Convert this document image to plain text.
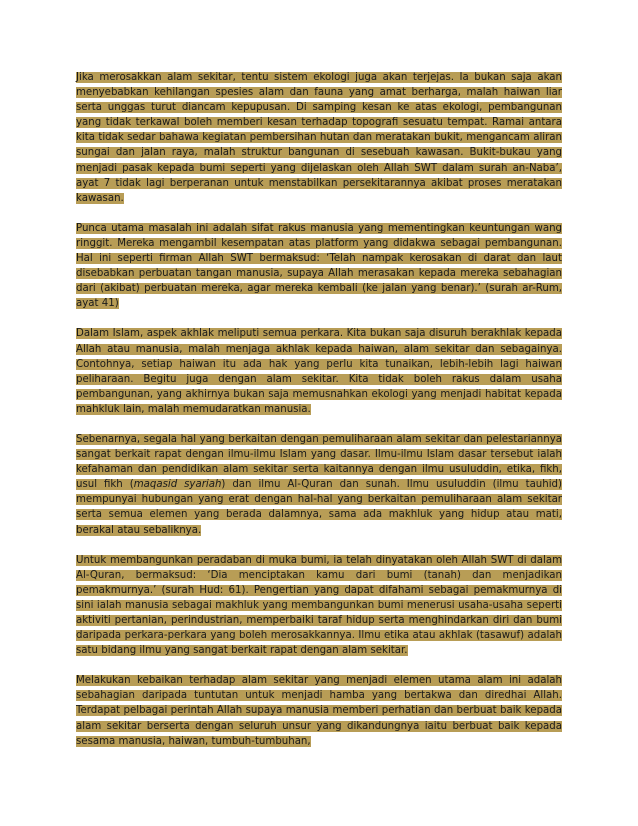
Jika merosakkan alam sekitar, tentu sistem ekologi juga akan terjejas. Ia bukan saja akan menyebabkan kehilangan spesies alam dan fauna yang amat berharga, malah haiwan liar serta unggas turut diancam kepupusan. Di samping kesan ke atas ekologi, pembangunan yang tidak terkawal boleh memberi kesan terhadap topografi sesuatu tempat. Ramai antara kita tidak sedar bahawa kegiatan pembersihan hutan dan meratakan bukit, mengancam aliran sungai dan jalan raya, malah struktur bangunan di sesebuah kawasan. Bukit-bukau yang menjadi pasak kepada bumi seperti yang dijelaskan oleh Allah SWT dalam surah an-Naba’, ayat 7 tidak lagi berperanan untuk menstabilkan persekitarannya akibat proses meratakan kawasan.

Punca utama masalah ini adalah sifat rakus manusia yang mementingkan keuntungan wang ringgit. Mereka mengambil kesempatan atas platform yang didakwa sebagai pembangunan. Hal ini seperti firman Allah SWT bermaksud: ‘Telah nampak kerosakan di darat dan laut disebabkan perbuatan tangan manusia, supaya Allah merasakan kepada mereka sebahagian dari (akibat) perbuatan mereka, agar mereka kembali (ke jalan yang benar).’ (surah ar-Rum, ayat 41)

Dalam Islam, aspek akhlak meliputi semua perkara. Kita bukan saja disuruh berakhlak kepada Allah atau manusia, malah menjaga akhlak kepada haiwan, alam sekitar dan sebagainya. Contohnya, setiap haiwan itu ada hak yang perlu kita tunaikan, lebih-lebih lagi haiwan peliharaan. Begitu juga dengan alam sekitar. Kita tidak boleh rakus dalam usaha pembangunan, yang akhirnya bukan saja memusnahkan ekologi yang menjadi habitat kepada mahkluk lain, malah memudaratkan manusia.

Sebenarnya, segala hal yang berkaitan dengan pemuliharaan alam sekitar dan pelestariannya sangat berkait rapat dengan ilmu-ilmu Islam yang dasar. Ilmu-ilmu Islam dasar tersebut ialah kefahaman dan pendidikan alam sekitar serta kaitannya dengan ilmu usuluddin, etika, fikh, usul fikh (maqasid syariah) dan ilmu Al-Quran dan sunah. Ilmu usuluddin (ilmu tauhid) mempunyai hubungan yang erat dengan hal-hal yang berkaitan pemuliharaan alam sekitar serta semua elemen yang berada dalamnya, sama ada makhluk yang hidup atau mati, berakal atau sebaliknya.

Untuk membangunkan peradaban di muka bumi, ia telah dinyatakan oleh Allah SWT di dalam Al-Quran, bermaksud: ‘Dia menciptakan kamu dari bumi (tanah) dan menjadikan pemakmurnya.’ (surah Hud: 61). Pengertian yang dapat difahami sebagai pemakmurnya di sini ialah manusia sebagai makhluk yang membangunkan bumi menerusi usaha-usaha seperti aktiviti pertanian, perindustrian, memperbaiki taraf hidup serta menghindarkan diri dan bumi daripada perkara-perkara yang boleh merosakkannya. Ilmu etika atau akhlak (tasawuf) adalah satu bidang ilmu yang sangat berkait rapat dengan alam sekitar.

Melakukan kebaikan terhadap alam sekitar yang menjadi elemen utama alam ini adalah sebahagian daripada tuntutan untuk menjadi hamba yang bertakwa dan diredhai Allah. Terdapat pelbagai perintah Allah supaya manusia memberi perhatian dan berbuat baik kepada alam sekitar berserta dengan seluruh unsur yang dikandungnya iaitu berbuat baik kepada sesama manusia, haiwan, tumbuh-tumbuhan,
